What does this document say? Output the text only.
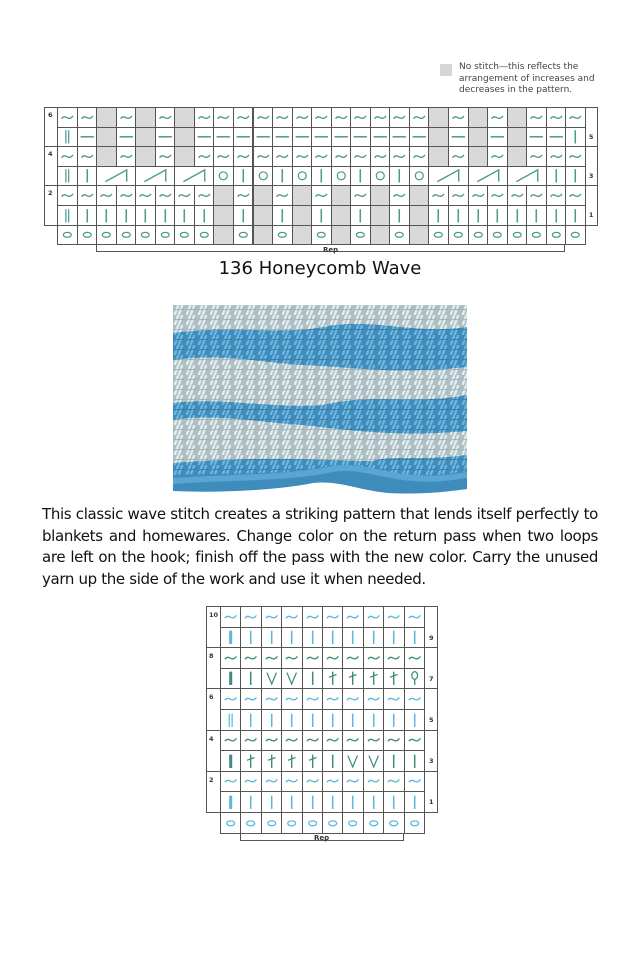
No stitch—this reflects the arrangement of increases and decreases in the pattern.
6
5
4
3
2
1
Rep
136 Honeycomb Wave
This classic wave stitch creates a striking pattern that lends itself perfectly to blankets and homewares. Change color on the return pass when two loops are left on the hook; finish off the pass with the new color. Carry the unused yarn up the side of the work and use it when needed.
10
9
8
7
6
5
4
3
2
1
Rep
